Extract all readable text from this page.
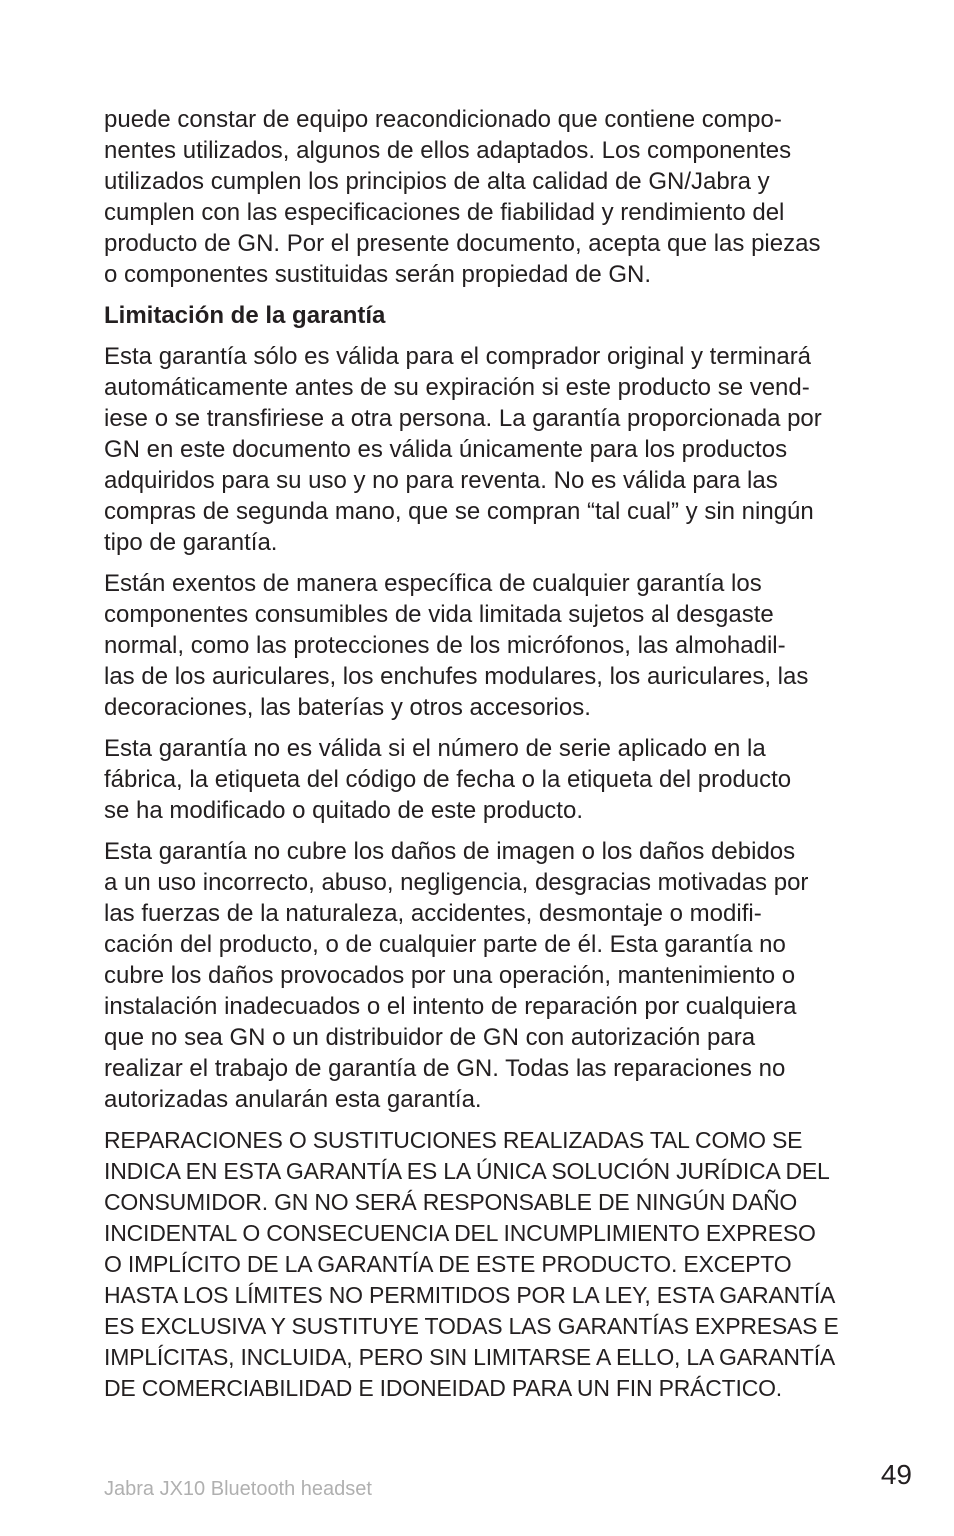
puede constar de equipo reacondicionado que contiene compo-
nentes utilizados, algunos de ellos adaptados. Los componentes
utilizados cumplen los principios de alta calidad de GN/Jabra y
cumplen con las especificaciones de fiabilidad y rendimiento del
producto de GN. Por el presente documento, acepta que las piezas
o componentes sustituidas serán propiedad de GN.

Limitación de la garantía

Esta garantía sólo es válida para el comprador original y terminará
automáticamente antes de su expiración si este producto se vend-
iese o se transfiriese a otra persona. La garantía proporcionada por
GN en este documento es válida únicamente para los productos
adquiridos para su uso y no para reventa. No es válida para las
compras de segunda mano, que se compran “tal cual” y sin ningún
tipo de garantía.

Están exentos de manera específica de cualquier garantía los
componentes consumibles de vida limitada sujetos al desgaste
normal, como las protecciones de los micrófonos, las almohadil-
las de los auriculares, los enchufes modulares, los auriculares, las
decoraciones, las baterías y otros accesorios.

Esta garantía no es válida si el número de serie aplicado en la
fábrica, la etiqueta del código de fecha o la etiqueta del producto
se ha modificado o quitado de este producto.

Esta garantía no cubre los daños de imagen o los daños debidos
a un uso incorrecto, abuso, negligencia, desgracias motivadas por
las fuerzas de la naturaleza, accidentes, desmontaje o modifi-
cación del producto, o de cualquier parte de él. Esta garantía no
cubre los daños provocados por una operación, mantenimiento o
instalación inadecuados o el intento de reparación por cualquiera
que no sea GN o un distribuidor de GN con autorización para
realizar el trabajo de garantía de GN. Todas las reparaciones no
autorizadas anularán esta garantía.

REPARACIONES O SUSTITUCIONES REALIZADAS TAL COMO SE
INDICA EN ESTA GARANTÍA ES LA ÚNICA SOLUCIÓN JURÍDICA DEL
CONSUMIDOR. GN NO SERÁ RESPONSABLE DE NINGÚN DAÑO
INCIDENTAL O CONSECUENCIA DEL INCUMPLIMIENTO EXPRESO
O IMPLÍCITO DE LA GARANTÍA DE ESTE PRODUCTO. EXCEPTO
HASTA LOS LÍMITES NO PERMITIDOS POR LA LEY, ESTA GARANTÍA
ES EXCLUSIVA Y SUSTITUYE TODAS LAS GARANTÍAS EXPRESAS E
IMPLÍCITAS, INCLUIDA, PERO SIN LIMITARSE A ELLO, LA GARANTÍA
DE COMERCIABILIDAD E IDONEIDAD PARA UN FIN PRÁCTICO.

Jabra JX10 Bluetooth headset	49
